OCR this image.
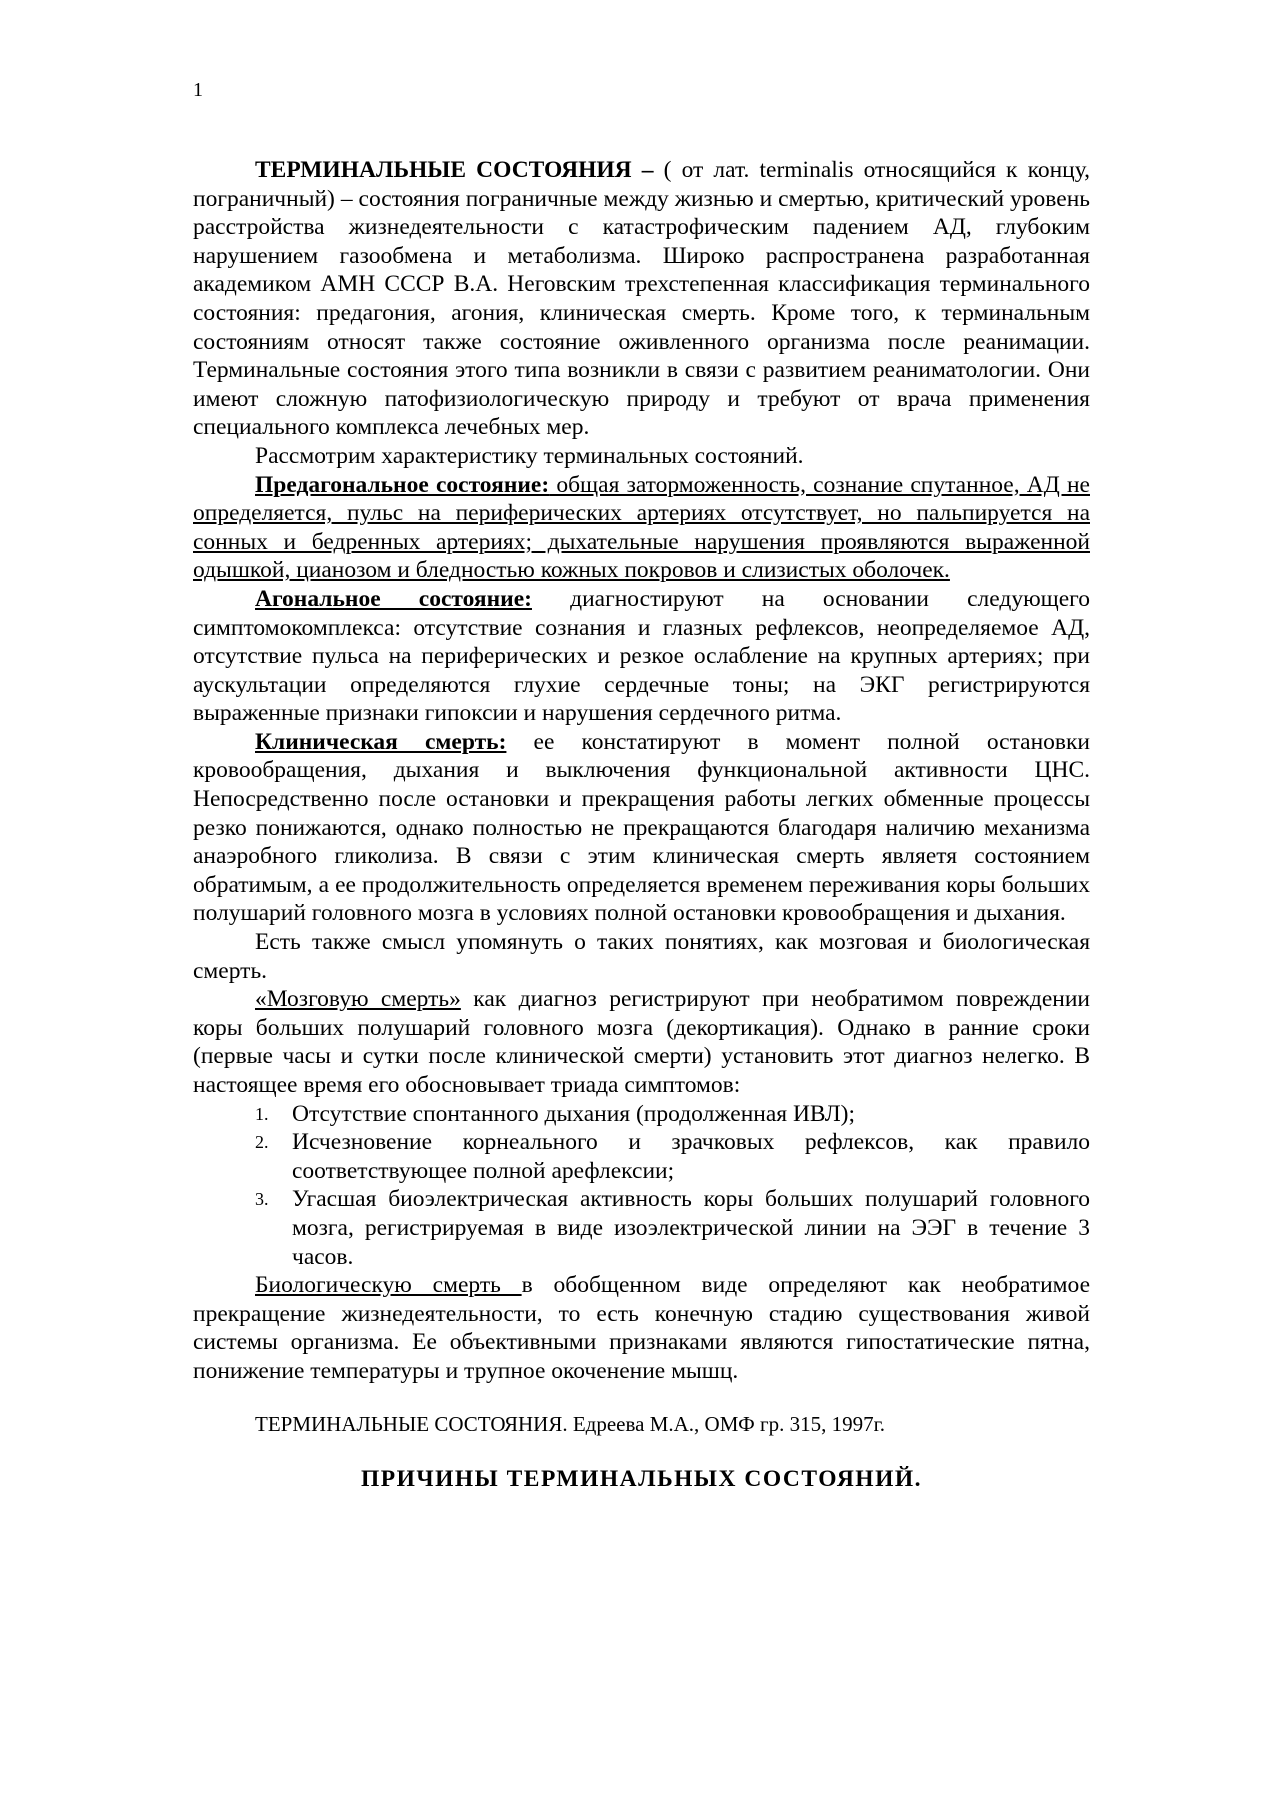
1

ТЕРМИНАЛЬНЫЕ СОСТОЯНИЯ – ( от лат. terminalis относящийся к концу, пограничный) – состояния пограничные между жизнью и смертью, критический уровень расстройства жизнедеятельности с катастрофическим падением АД, глубоким нарушением газообмена и метаболизма. Широко распространена разработанная академиком АМН СССР В.А. Неговским трехстепенная классификация терминального состояния: предагония, агония, клиническая смерть. Кроме того, к терминальным состояниям относят также состояние оживленного организма после реанимации. Терминальные состояния этого типа возникли в связи с развитием реаниматологии. Они имеют сложную патофизиологическую природу и требуют от врача применения специального комплекса лечебных мер.

Рассмотрим характеристику терминальных состояний.

Предагональное состояние: общая заторможенность, сознание спутанное, АД не определяется, пульс на периферических артериях отсутствует, но пальпируется на сонных и бедренных артериях; дыхательные нарушения проявляются выраженной одышкой, цианозом и бледностью кожных покровов и слизистых оболочек.

Агональное состояние: диагностируют на основании следующего симптомокомплекса: отсутствие сознания и глазных рефлексов, неопределяемое АД, отсутствие пульса на периферических и резкое ослабление на крупных артериях; при аускультации определяются глухие сердечные тоны; на ЭКГ регистрируются выраженные признаки гипоксии и нарушения сердечного ритма.

Клиническая смерть: ее констатируют в момент полной остановки кровообращения, дыхания и выключения функциональной активности ЦНС. Непосредственно после остановки и прекращения работы легких обменные процессы резко понижаются, однако полностью не прекращаются благодаря наличию механизма анаэробного гликолиза. В связи с этим клиническая смерть являетя состоянием обратимым, а ее продолжительность определяется временем переживания коры больших полушарий головного мозга в условиях полной остановки кровообращения и дыхания.

Есть также смысл упомянуть о таких понятиях, как мозговая и биологическая смерть.

«Мозговую смерть» как диагноз регистрируют при необратимом повреждении коры больших полушарий головного мозга (декортикация). Однако в ранние сроки (первые часы и сутки после клинической смерти) установить этот диагноз нелегко. В настоящее время его обосновывает триада симптомов:

1. Отсутствие спонтанного дыхания (продолженная ИВЛ);
2. Исчезновение корнеального и зрачковых рефлексов, как правило соответствующее полной арефлексии;
3. Угасшая биоэлектрическая активность коры больших полушарий головного мозга, регистрируемая в виде изоэлектрической линии на ЭЭГ в течение 3 часов.

Биологическую смерть в обобщенном виде определяют как необратимое прекращение жизнедеятельности, то есть конечную стадию существования живой системы организма. Ее объективными признаками являются гипостатические пятна, понижение температуры и трупное окоченение мышц.

ТЕРМИНАЛЬНЫЕ СОСТОЯНИЯ. Едреева М.А., ОМФ гр. 315, 1997г.

ПРИЧИНЫ ТЕРМИНАЛЬНЫХ СОСТОЯНИЙ.
